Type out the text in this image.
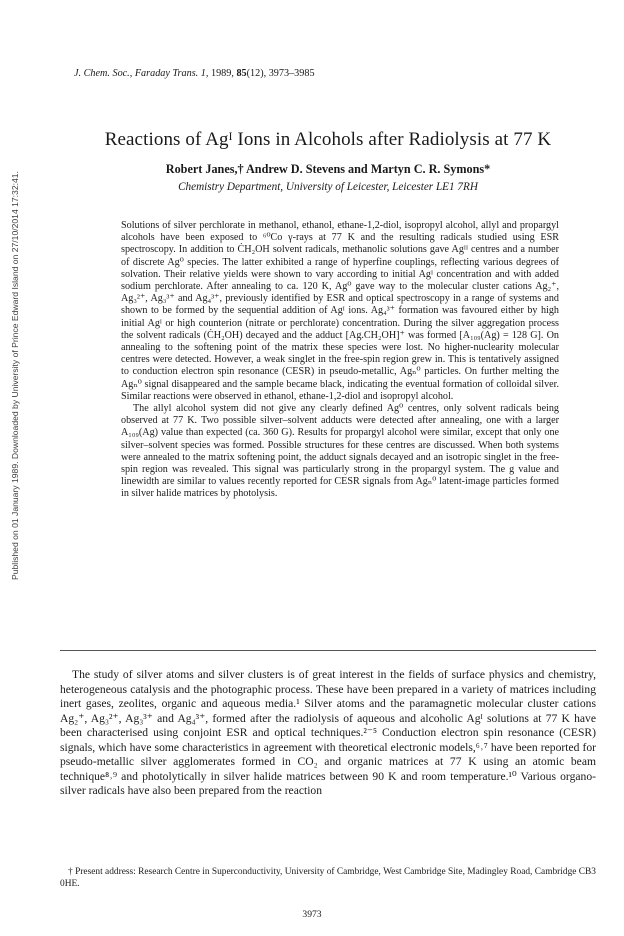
Published on 01 January 1989. Downloaded by University of Prince Edward Island on 27/10/2014 17:32:41.
J. Chem. Soc., Faraday Trans. 1, 1989, 85(12), 3973–3985
Reactions of Agᴵ Ions in Alcohols after Radiolysis at 77 K
Robert Janes,† Andrew D. Stevens and Martyn C. R. Symons*
Chemistry Department, University of Leicester, Leicester LE1 7RH

Solutions of silver perchlorate in methanol, ethanol, ethane-1,2-diol, isopropyl alcohol, allyl and propargyl alcohols have been exposed to ⁶⁰Co γ-rays at 77 K and the resulting radicals studied using ESR spectroscopy. In addition to ĊH₂OH solvent radicals, methanolic solutions gave Agᴵᴵ centres and a number of discrete Ag⁰ species. The latter exhibited a range of hyperfine couplings, reflecting various degrees of solvation. Their relative yields were shown to vary according to initial Agᴵ concentration and with added sodium perchlorate. After annealing to ca. 120 K, Ag⁰ gave way to the molecular cluster cations Ag₂⁺, Ag₃²⁺, Ag₃³⁺ and Ag₄³⁺, previously identified by ESR and optical spectroscopy in a range of systems and shown to be formed by the sequential addition of Agᴵ ions. Ag₄³⁺ formation was favoured either by high initial Agᴵ or high counterion (nitrate or perchlorate) concentration. During the silver aggregation process the solvent radicals (ĊH₂OH) decayed and the adduct [Ag.CH₂OH]⁺ was formed [A₁₀₉(Ag) = 128 G]. On annealing to the softening point of the matrix these species were lost. No higher-nuclearity molecular centres were detected. However, a weak singlet in the free-spin region grew in. This is tentatively assigned to conduction electron spin resonance (CESR) in pseudo-metallic, Agₙ⁰ particles. On further melting the Agₙ⁰ signal disappeared and the sample became black, indicating the eventual formation of colloidal silver. Similar reactions were observed in ethanol, ethane-1,2-diol and isopropyl alcohol.

The allyl alcohol system did not give any clearly defined Ag⁰ centres, only solvent radicals being observed at 77 K. Two possible silver–solvent adducts were detected after annealing, one with a larger A₁₀₉(Ag) value than expected (ca. 360 G). Results for propargyl alcohol were similar, except that only one silver–solvent species was formed. Possible structures for these centres are discussed. When both systems were annealed to the matrix softening point, the adduct signals decayed and an isotropic singlet in the free-spin region was revealed. This signal was particularly strong in the propargyl system. The g value and linewidth are similar to values recently reported for CESR signals from Agₙ⁰ latent-image particles formed in silver halide matrices by photolysis.

The study of silver atoms and silver clusters is of great interest in the fields of surface physics and chemistry, heterogeneous catalysis and the photographic process. These have been prepared in a variety of matrices including inert gases, zeolites, organic and aqueous media.¹ Silver atoms and the paramagnetic molecular cluster cations Ag₂⁺, Ag₃²⁺, Ag₃³⁺ and Ag₄³⁺, formed after the radiolysis of aqueous and alcoholic Agᴵ solutions at 77 K have been characterised using conjoint ESR and optical techniques.²⁻⁵ Conduction electron spin resonance (CESR) signals, which have some characteristics in agreement with theoretical electronic models,⁶˒⁷ have been reported for pseudo-metallic silver agglomerates formed in CO₂ and organic matrices at 77 K using an atomic beam technique⁸˒⁹ and photolytically in silver halide matrices between 90 K and room temperature.¹⁰ Various organo-silver radicals have also been prepared from the reaction

† Present address: Research Centre in Superconductivity, University of Cambridge, West Cambridge Site, Madingley Road, Cambridge CB3 0HE.

3973
